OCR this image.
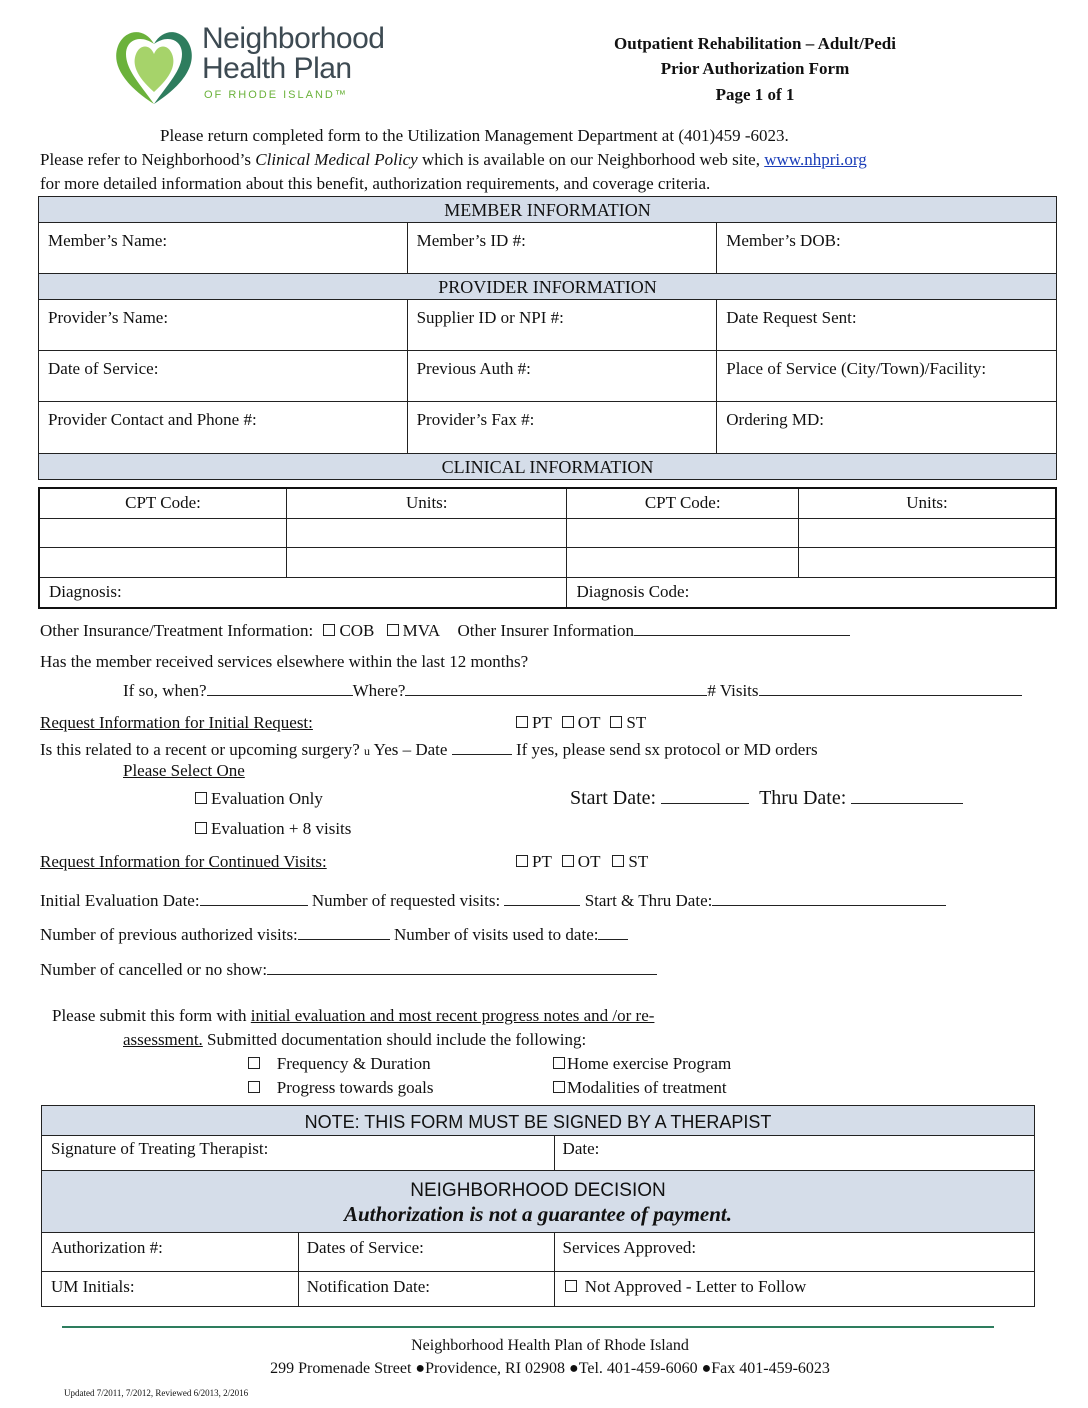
Neighborhood
Health Plan
OF RHODE ISLAND™
Outpatient Rehabilitation – Adult/Pedi
Prior Authorization Form
Page 1 of 1
Please return completed form to the Utilization Management Department at (401)459 -6023.
Please refer to Neighborhood’s Clinical Medical Policy which is available on our Neighborhood web site, www.nhpri.org
for more detailed information about this benefit, authorization requirements, and coverage criteria.
MEMBER INFORMATION		
Member’s Name:	Member’s ID #:	Member’s DOB:
PROVIDER INFORMATION		
Provider’s Name:	Supplier ID or NPI #:	Date Request Sent:
Date of Service:	Previous Auth #:	Place of Service (City/Town)/Facility:
Provider Contact and Phone #:	Provider’s Fax #:	Ordering MD:
CLINICAL INFORMATION		
CPT Code:	Units:	CPT Code:	Units:

Diagnosis:		Diagnosis Code:	
Other Insurance/Treatment Information: COB MVA Other Insurer Information
Has the member received services elsewhere within the last 12 months?
If so, when?	Where?	# Visits
Request Information for Initial Request:	PT OT ST
Is this related to a recent or upcoming surgery? u Yes – Date	If yes, please send sx protocol or MD orders
Please Select One
Evaluation Only
Evaluation + 8 visits
Start Date:	Thru Date:
Request Information for Continued Visits:	PT OT ST
Initial Evaluation Date:	Number of requested visits:	Start & Thru Date:
Number of previous authorized visits:	Number of visits used to date:
Number of cancelled or no show:
Please submit this form with initial evaluation and most recent progress notes and /or re-
assessment. Submitted documentation should include the following:
Frequency & Duration	Home exercise Program
Progress towards goals	Modalities of treatment
NOTE: THIS FORM MUST BE SIGNED BY A THERAPIST		
Signature of Treating Therapist:		Date:

NEIGHBORHOOD DECISION
Authorization is not a guarantee of payment.		

Authorization #:	Dates of Service:	Services Approved:
UM Initials:	Notification Date:	Not Approved - Letter to Follow
Neighborhood Health Plan of Rhode Island
299 Promenade Street ●Providence, RI 02908 ●Tel. 401-459-6060 ●Fax 401-459-6023
Updated 7/2011, 7/2012, Reviewed 6/2013, 2/2016
